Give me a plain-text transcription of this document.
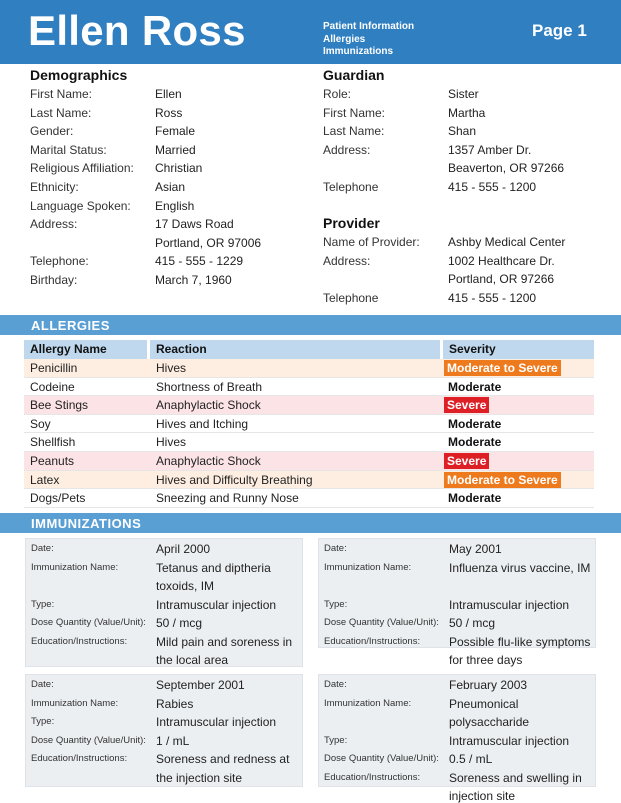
Ellen Ross	Patient Information
Allergies
Immunizations
Page 1
Demographics
First Name:	Ellen
Last Name:	Ross
Gender:	Female
Marital Status:	Married
Religious Affiliation: Christian
Ethnicity:	Asian
Language Spoken: English
Address:	17 Daws Road
Portland, OR 97006
Telephone:	415 - 555 - 1229
Birthday:	March 7, 1960
Guardian
Role:	Sister
First Name:	Martha
Last Name:	Shan
Address:	1357 Amber Dr.
Beaverton, OR 97266
Telephone	415 - 555 - 1200
Provider
Name of Provider: Ashby Medical Center
Address:	1002 Healthcare Dr.
Portland, OR 97266
Telephone	415 - 555 - 1200
ALLERGIES
Allergy Name	Reaction	Severity
Penicillin	Hives	Moderate to Severe
Codeine	Shortness of Breath	Moderate
Bee Stings	Anaphylactic Shock	Severe
Soy	Hives and Itching	Moderate
Shellfish	Hives	Moderate
Peanuts	Anaphylactic Shock	Severe
Latex	Hives and Difficulty Breathing	Moderate to Severe
Dogs/Pets	Sneezing and Runny Nose	Moderate
IMMUNIZATIONS
Date:	April 2000
Immunization Name:	Tetanus and diptheria toxoids, IM
Type:	Intramuscular injection
Dose Quantity (Value/Unit): 50 / mcg
Education/Instructions: Mild pain and soreness in the local area
Date:	May 2001
Immunization Name:	Influenza virus vaccine, IM
Type:	Intramuscular injection
Dose Quantity (Value/Unit): 50 / mcg
Education/Instructions: Possible flu-like symptoms for three days
Date:	September 2001
Immunization Name:	Rabies
Type:	Intramuscular injection
Dose Quantity (Value/Unit): 1 / mL
Education/Instructions: Soreness and redness at the injection site
Date:	February 2003
Immunization Name:	Pneumonical polysaccharide
Type:	Intramuscular injection
Dose Quantity (Value/Unit): 0.5 / mL
Education/Instructions: Soreness and swelling in injection site
